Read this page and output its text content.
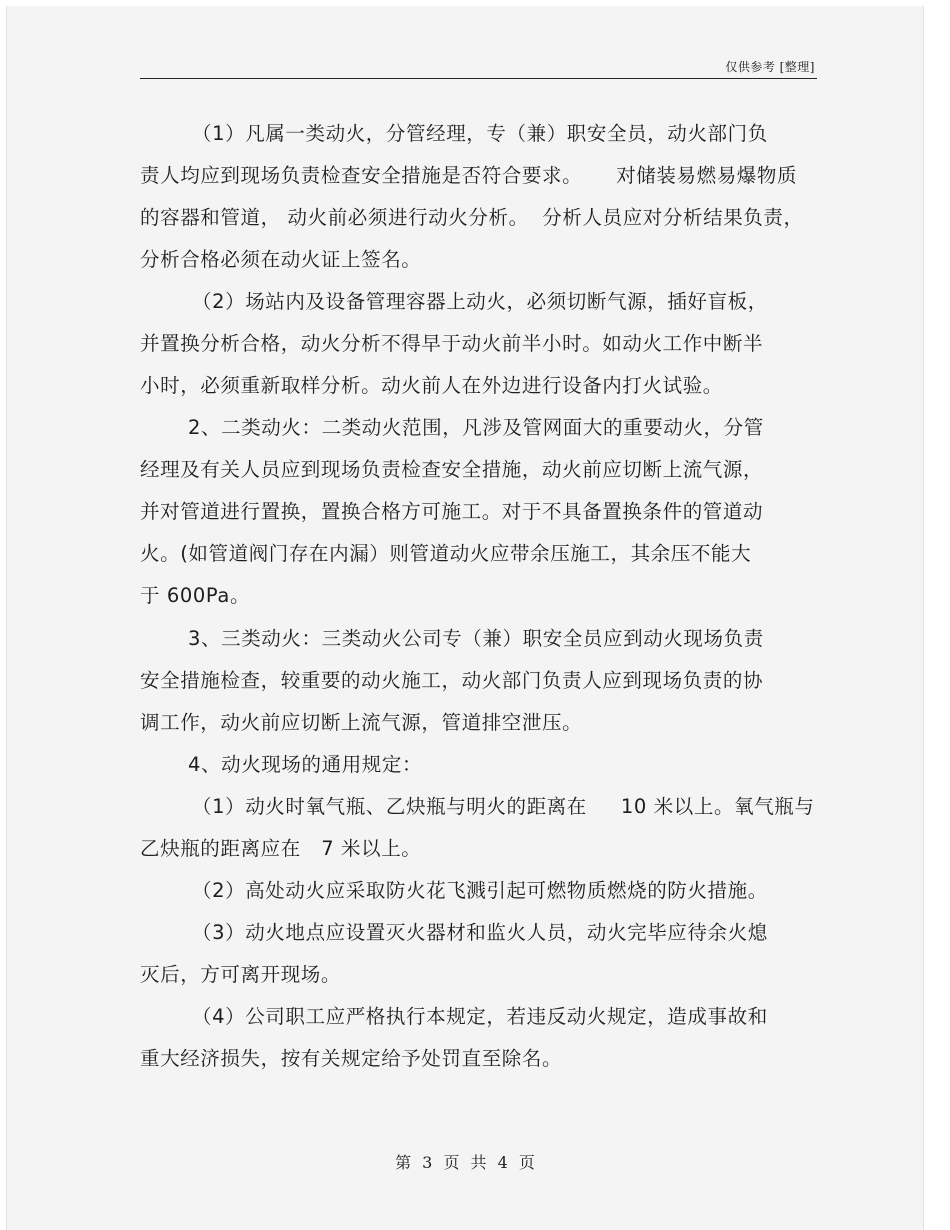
仅供参考 [整理]
（1）凡属一类动火，分管经理，专（兼）职安全员，动火部门负
责人均应到现场负责检查安全措施是否符合要求。     对储装易燃易爆物质
的容器和管道， 动火前必须进行动火分析。  分析人员应对分析结果负责，
分析合格必须在动火证上签名。
（2）场站内及设备管理容器上动火，必须切断气源，插好盲板，
并置换分析合格，动火分析不得早于动火前半小时。如动火工作中断半
小时，必须重新取样分析。动火前人在外边进行设备内打火试验。
2、二类动火：二类动火范围，凡涉及管网面大的重要动火，分管
经理及有关人员应到现场负责检查安全措施，动火前应切断上流气源，
并对管道进行置换，置换合格方可施工。对于不具备置换条件的管道动
火。(如管道阀门存在内漏）则管道动火应带余压施工，其余压不能大
于 600Pa。
3、三类动火：三类动火公司专（兼）职安全员应到动火现场负责
安全措施检查，较重要的动火施工，动火部门负责人应到现场负责的协
调工作，动火前应切断上流气源，管道排空泄压。
4、动火现场的通用规定：
（1）动火时氧气瓶、乙炔瓶与明火的距离在     10 米以上。氧气瓶与
乙炔瓶的距离应在   7 米以上。
（2）高处动火应采取防火花飞溅引起可燃物质燃烧的防火措施。
（3）动火地点应设置灭火器材和监火人员，动火完毕应待余火熄
灭后，方可离开现场。
（4）公司职工应严格执行本规定，若违反动火规定，造成事故和
重大经济损失，按有关规定给予处罚直至除名。
第 3 页 共 4 页
